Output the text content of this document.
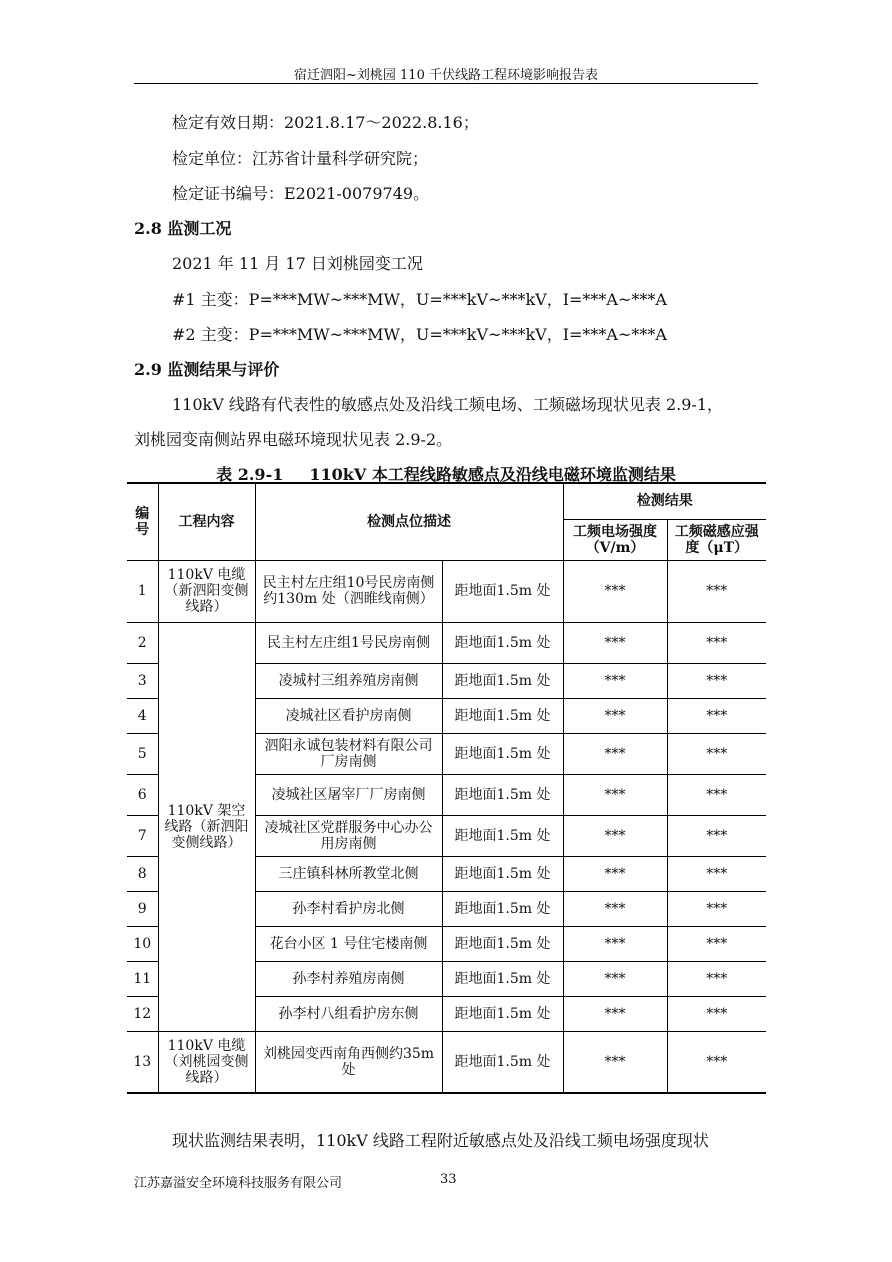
宿迁泗阳~刘桃园 110 千伏线路工程环境影响报告表
检定有效日期：2021.8.17～2022.8.16；
检定单位：江苏省计量科学研究院；
检定证书编号：E2021-0079749。
2.8 监测工况
2021 年 11 月 17 日刘桃园变工况
#1 主变：P=***MW~***MW，U=***kV~***kV，I=***A~***A
#2 主变：P=***MW~***MW，U=***kV~***kV，I=***A~***A
2.9 监测结果与评价
110kV 线路有代表性的敏感点处及沿线工频电场、工频磁场现状见表 2.9-1，
刘桃园变南侧站界电磁环境现状见表 2.9-2。
表 2.9-1 110kV 本工程线路敏感点及沿线电磁环境监测结果
编号	工程内容	检测点位描述		检测结果	
				工频电场强度（V/m）	工频磁感应强度（μT）
1	110kV 电缆（新泗阳变侧线路）	民主村左庄组10号民房南侧约130m 处（泗睢线南侧）	距地面1.5m 处	***	***
2	110kV 架空线路（新泗阳变侧线路）	民主村左庄组1号民房南侧	距地面1.5m 处	***	***
3		凌城村三组养殖房南侧	距地面1.5m 处	***	***
4		凌城社区看护房南侧	距地面1.5m 处	***	***
5		泗阳永诚包装材料有限公司厂房南侧	距地面1.5m 处	***	***
6		凌城社区屠宰厂厂房南侧	距地面1.5m 处	***	***
7		凌城社区党群服务中心办公用房南侧	距地面1.5m 处	***	***
8		三庄镇科林所教堂北侧	距地面1.5m 处	***	***
9		孙李村看护房北侧	距地面1.5m 处	***	***
10		花台小区 1 号住宅楼南侧	距地面1.5m 处	***	***
11		孙李村养殖房南侧	距地面1.5m 处	***	***
12		孙李村八组看护房东侧	距地面1.5m 处	***	***
13	110kV 电缆（刘桃园变侧线路）	刘桃园变西南角西侧约35m 处	距地面1.5m 处	***	***
现状监测结果表明，110kV 线路工程附近敏感点处及沿线工频电场强度现状
江苏嘉溢安全环境科技服务有限公司	33
